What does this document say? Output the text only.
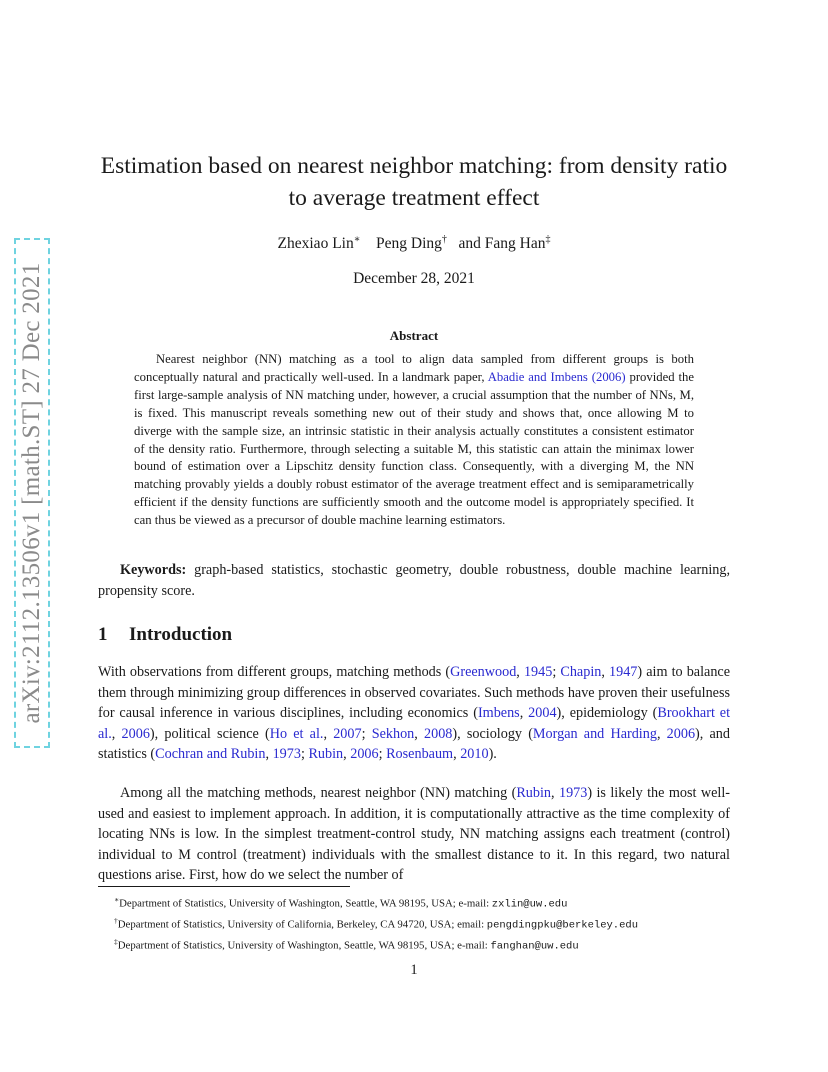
arXiv:2112.13506v1 [math.ST] 27 Dec 2021
Estimation based on nearest neighbor matching: from density ratio to average treatment effect
Zhexiao Lin∗ Peng Ding† and Fang Han‡
December 28, 2021
Abstract

Nearest neighbor (NN) matching as a tool to align data sampled from different groups is both conceptually natural and practically well-used. In a landmark paper, Abadie and Imbens (2006) provided the first large-sample analysis of NN matching under, however, a crucial assumption that the number of NNs, M, is fixed. This manuscript reveals something new out of their study and shows that, once allowing M to diverge with the sample size, an intrinsic statistic in their analysis actually constitutes a consistent estimator of the density ratio. Furthermore, through selecting a suitable M, this statistic can attain the minimax lower bound of estimation over a Lipschitz density function class. Consequently, with a diverging M, the NN matching provably yields a doubly robust estimator of the average treatment effect and is semiparametrically efficient if the density functions are sufficiently smooth and the outcome model is appropriately specified. It can thus be viewed as a precursor of double machine learning estimators.

Keywords: graph-based statistics, stochastic geometry, double robustness, double machine learning, propensity score.

1 Introduction

With observations from different groups, matching methods (Greenwood, 1945; Chapin, 1947) aim to balance them through minimizing group differences in observed covariates. Such methods have proven their usefulness for causal inference in various disciplines, including economics (Imbens, 2004), epidemiology (Brookhart et al., 2006), political science (Ho et al., 2007; Sekhon, 2008), sociology (Morgan and Harding, 2006), and statistics (Cochran and Rubin, 1973; Rubin, 2006; Rosenbaum, 2010).

Among all the matching methods, nearest neighbor (NN) matching (Rubin, 1973) is likely the most well-used and easiest to implement approach. In addition, it is computationally attractive as the time complexity of locating NNs is low. In the simplest treatment-control study, NN matching assigns each treatment (control) individual to M control (treatment) individuals with the smallest distance to it. In this regard, two natural questions arise. First, how do we select the number of

∗Department of Statistics, University of Washington, Seattle, WA 98195, USA; e-mail: zxlin@uw.edu
†Department of Statistics, University of California, Berkeley, CA 94720, USA; email: pengdingpku@berkeley.edu
‡Department of Statistics, University of Washington, Seattle, WA 98195, USA; e-mail: fanghan@uw.edu
1
